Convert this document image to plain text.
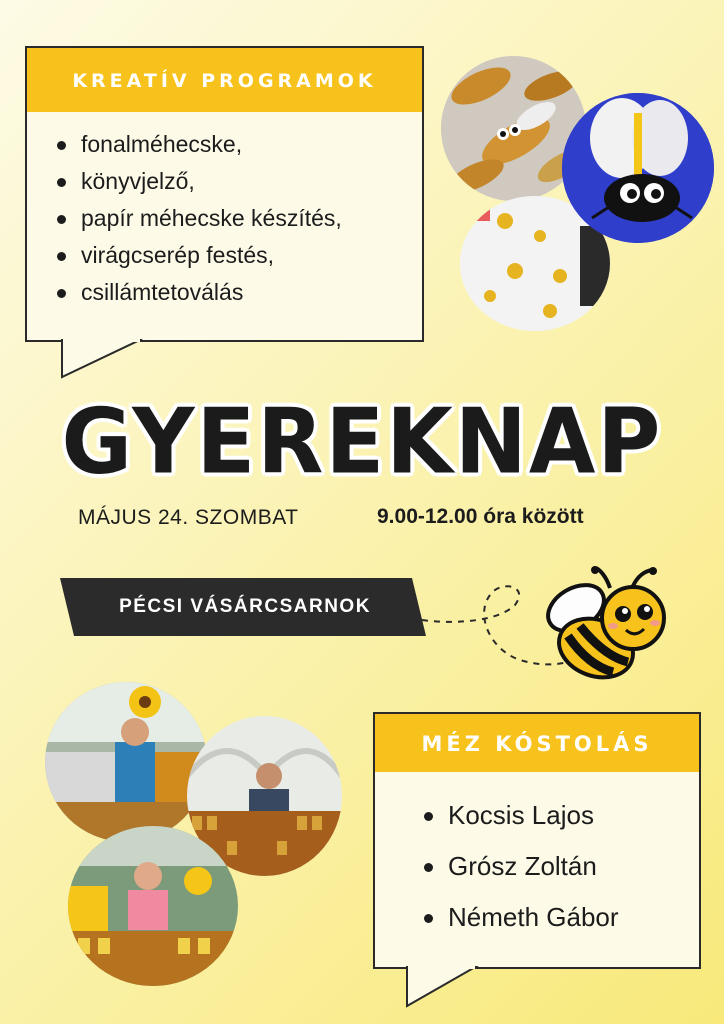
KREATÍV PROGRAMOK
fonalméhecske,
könyvjelző,
papír méhecske készítés,
virágcserép festés,
csillámtetoválás
GYEREKNAP
MÁJUS 24. SZOMBAT	9.00-12.00 óra között
PÉCSI VÁSÁRCSARNOK
MÉZ KÓSTOLÁS
Kocsis Lajos
Grósz Zoltán
Németh Gábor
